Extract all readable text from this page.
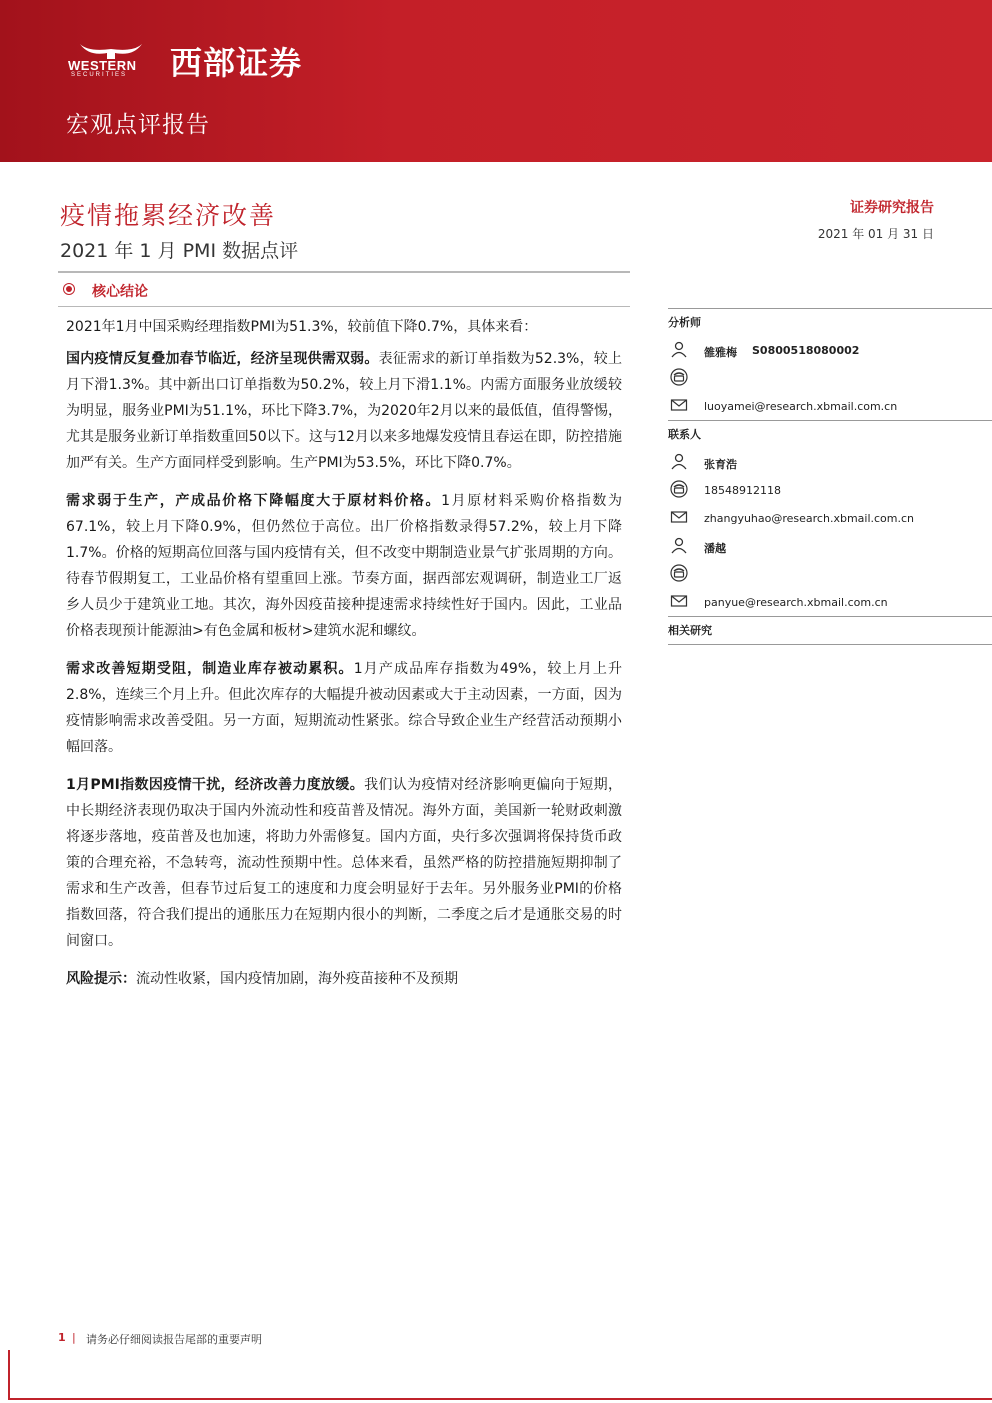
WESTERN
SECURITIES 西部证券
宏观点评报告
疫情拖累经济改善
2021 年 1 月 PMI 数据点评
证券研究报告
2021 年 01 月 31 日
核心结论

2021年1月中国采购经理指数PMI为51.3%，较前值下降0.7%，具体来看：

国内疫情反复叠加春节临近，经济呈现供需双弱。表征需求的新订单指数为52.3%，较上月下滑1.3%。其中新出口订单指数为50.2%，较上月下滑1.1%。内需方面服务业放缓较为明显，服务业PMI为51.1%，环比下降3.7%，为2020年2月以来的最低值，值得警惕，尤其是服务业新订单指数重回50以下。这与12月以来多地爆发疫情且春运在即，防控措施加严有关。生产方面同样受到影响。生产PMI为53.5%，环比下降0.7%。

需求弱于生产，产成品价格下降幅度大于原材料价格。1月原材料采购价格指数为67.1%，较上月下降0.9%，但仍然位于高位。出厂价格指数录得57.2%，较上月下降1.7%。价格的短期高位回落与国内疫情有关，但不改变中期制造业景气扩张周期的方向。待春节假期复工，工业品价格有望重回上涨。节奏方面，据西部宏观调研，制造业工厂返乡人员少于建筑业工地。其次，海外因疫苗接种提速需求持续性好于国内。因此，工业品价格表现预计能源油>有色金属和板材>建筑水泥和螺纹。

需求改善短期受阻，制造业库存被动累积。1月产成品库存指数为49%，较上月上升2.8%，连续三个月上升。但此次库存的大幅提升被动因素或大于主动因素，一方面，因为疫情影响需求改善受阻。另一方面，短期流动性紧张。综合导致企业生产经营活动预期小幅回落。

1月PMI指数因疫情干扰，经济改善力度放缓。我们认为疫情对经济影响更偏向于短期，中长期经济表现仍取决于国内外流动性和疫苗普及情况。海外方面，美国新一轮财政刺激将逐步落地，疫苗普及也加速，将助力外需修复。国内方面，央行多次强调将保持货币政策的合理充裕，不急转弯，流动性预期中性。总体来看，虽然严格的防控措施短期抑制了需求和生产改善，但春节过后复工的速度和力度会明显好于去年。另外服务业PMI的价格指数回落，符合我们提出的通胀压力在短期内很小的判断，二季度之后才是通胀交易的时间窗口。

风险提示：流动性收紧，国内疫情加剧，海外疫苗接种不及预期

分析师
雒雅梅 S0800518080002
luoyamei@research.xbmail.com.cn
联系人
张育浩
18548912118
zhangyuhao@research.xbmail.com.cn
潘越
panyue@research.xbmail.com.cn
相关研究
1 | 请务必仔细阅读报告尾部的重要声明
